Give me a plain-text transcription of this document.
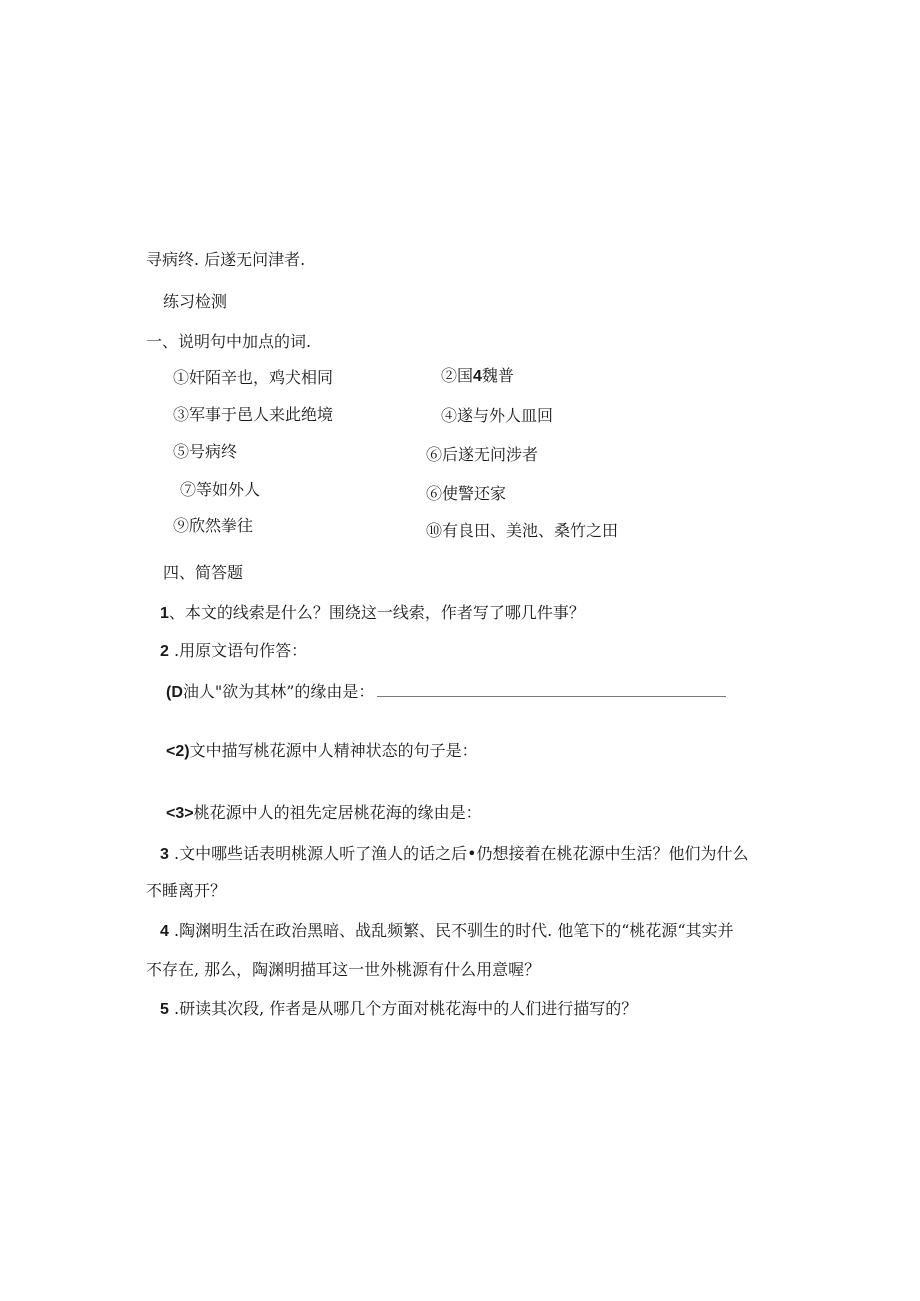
寻病终. 后遂无问津者.
练习检测
一、说明句中加点的词.
①奸陌辛也，鸡犬相同	②国4魏普
③军事于邑人来此绝境	④遂与外人皿回
⑤号病终	⑥后遂无问涉者
⑦等如外人	⑥使警还家
⑨欣然拳往	⑩有良田、美池、桑竹之田
四、简答题
1、本文的线索是什么？围绕这一线索，作者写了哪几件事？
2 .用原文语句作答：
(D油人"欲为其林”的缘由是：
<2)文中描写桃花源中人精神状态的句子是：
<3>桃花源中人的祖先定居桃花海的缘由是：
3 .文中哪些话表明桃源人听了渔人的话之后•仍想接着在桃花源中生活？他们为什么
不睡离开？
4 .陶渊明生活在政治黑暗、战乱频繁、民不驯生的时代. 他笔下的“桃花源“其实并
不存在, 那么，陶渊明描耳这一世外桃源有什么用意喔？
5 .研读其次段, 作者是从哪几个方面对桃花海中的人们进行描写的？
